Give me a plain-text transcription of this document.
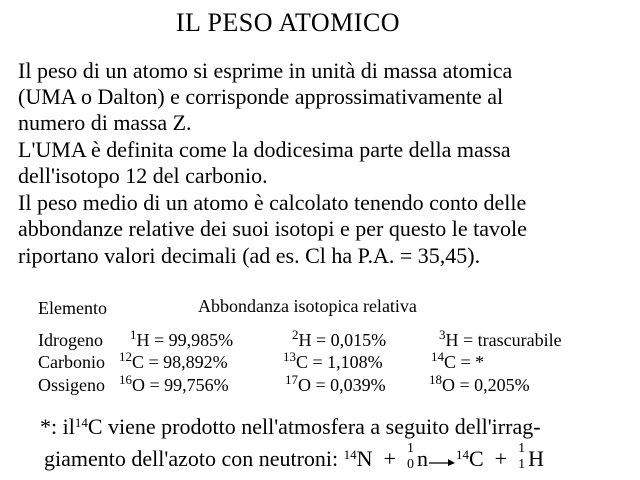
IL PESO ATOMICO
Il peso di un atomo si esprime in unità di massa atomica
(UMA o Dalton) e corrisponde approssimativamente al
numero di massa Z.
L'UMA è definita come la dodicesima parte della massa
dell'isotopo 12 del carbonio.
Il peso medio di un atomo è calcolato tenendo conto delle
abbondanze relative dei suoi isotopi e per questo le tavole
riportano valori decimali (ad es. Cl ha P.A. = 35,45).
Elemento	Abbondanza isotopica relativa
Idrogeno $^1$H = 99,985%	$^2$H = 0,015%	$^3$H = trascurabile
Carbonio $^{12}$C = 98,892%	$^{13}$C = 1,108%	$^{14}$C = *
Ossigeno $^{16}$O = 99,756%	$^{17}$O = 0,039%	$^{18}$O = 0,205%
*: $il^{14}C$ viene prodotto nell'atmosfera a seguito dell'irrag-
giamento dell'azoto con neutroni: $^{14}$N  + 1
0 n→$^{14}$C  + 1
1 H
